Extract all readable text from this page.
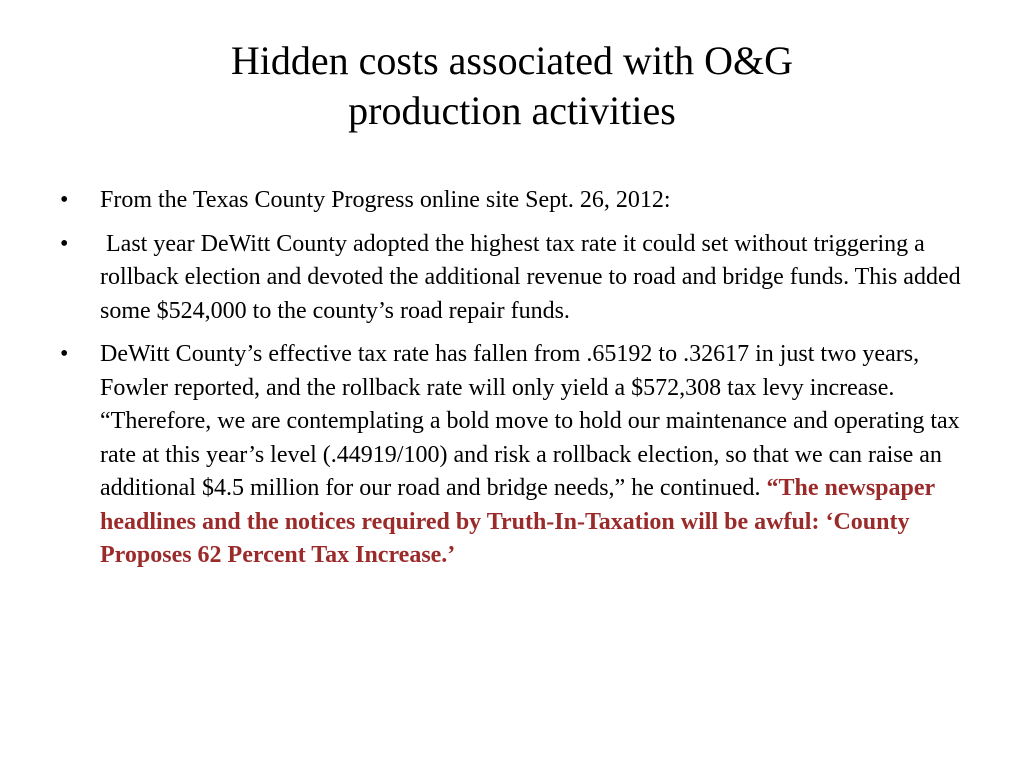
Hidden costs associated with O&G
production activities
• From the Texas County Progress online site Sept. 26, 2012:
• Last year DeWitt County adopted the highest tax rate it could set without triggering a rollback election and devoted the additional revenue to road and bridge funds. This added some $524,000 to the county’s road repair funds.
• DeWitt County’s effective tax rate has fallen from .65192 to .32617 in just two years, Fowler reported, and the rollback rate will only yield a $572,308 tax levy increase. “Therefore, we are contemplating a bold move to hold our maintenance and operating tax rate at this year’s level (.44919/100) and risk a rollback election, so that we can raise an additional $4.5 million for our road and bridge needs,” he continued. “The newspaper headlines and the notices required by Truth-In-Taxation will be awful: ‘County Proposes 62 Percent Tax Increase.’
